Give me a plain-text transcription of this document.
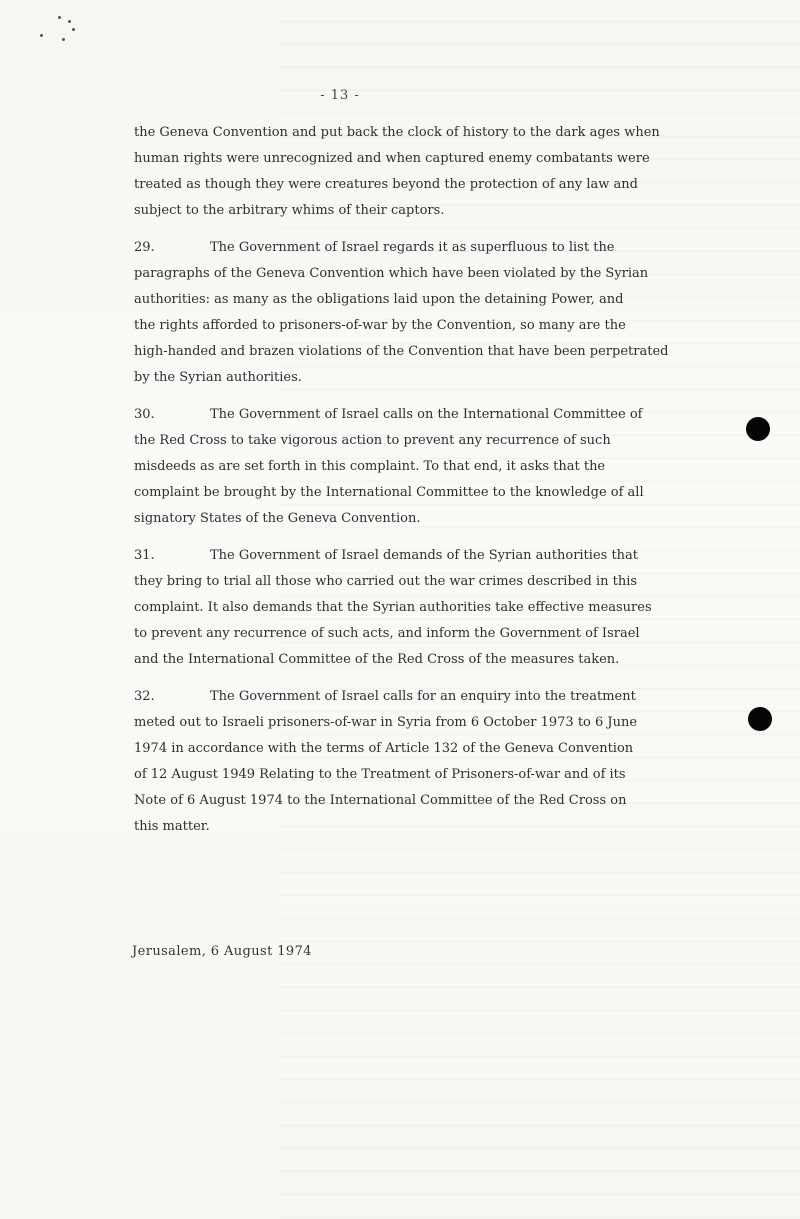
- 13 -
the Geneva Convention and put back the clock of history to the dark ages when
human rights were unrecognized and when captured enemy combatants were
treated as though they were creatures beyond the protection of any law and
subject to the arbitrary whims of their captors.
29.	The Government of Israel regards it as superfluous to list the
paragraphs of the Geneva Convention which have been violated by the Syrian
authorities: as many as the obligations laid upon the detaining Power, and
the rights afforded to prisoners-of-war by the Convention, so many are the
high-handed and brazen violations of the Convention that have been perpetrated
by the Syrian authorities.
30.	The Government of Israel calls on the International Committee of
the Red Cross to take vigorous action to prevent any recurrence of such
misdeeds as are set forth in this complaint. To that end, it asks that the
complaint be brought by the International Committee to the knowledge of all
signatory States of the Geneva Convention.
31.	The Government of Israel demands of the Syrian authorities that
they bring to trial all those who carried out the war crimes described in this
complaint. It also demands that the Syrian authorities take effective measures
to prevent any recurrence of such acts, and inform the Government of Israel
and the International Committee of the Red Cross of the measures taken.
32.	The Government of Israel calls for an enquiry into the treatment
meted out to Israeli prisoners-of-war in Syria from 6 October 1973 to 6 June
1974 in accordance with the terms of Article 132 of the Geneva Convention
of 12 August 1949 Relating to the Treatment of Prisoners-of-war and of its
Note of 6 August 1974 to the International Committee of the Red Cross on
this matter.
Jerusalem, 6 August 1974
